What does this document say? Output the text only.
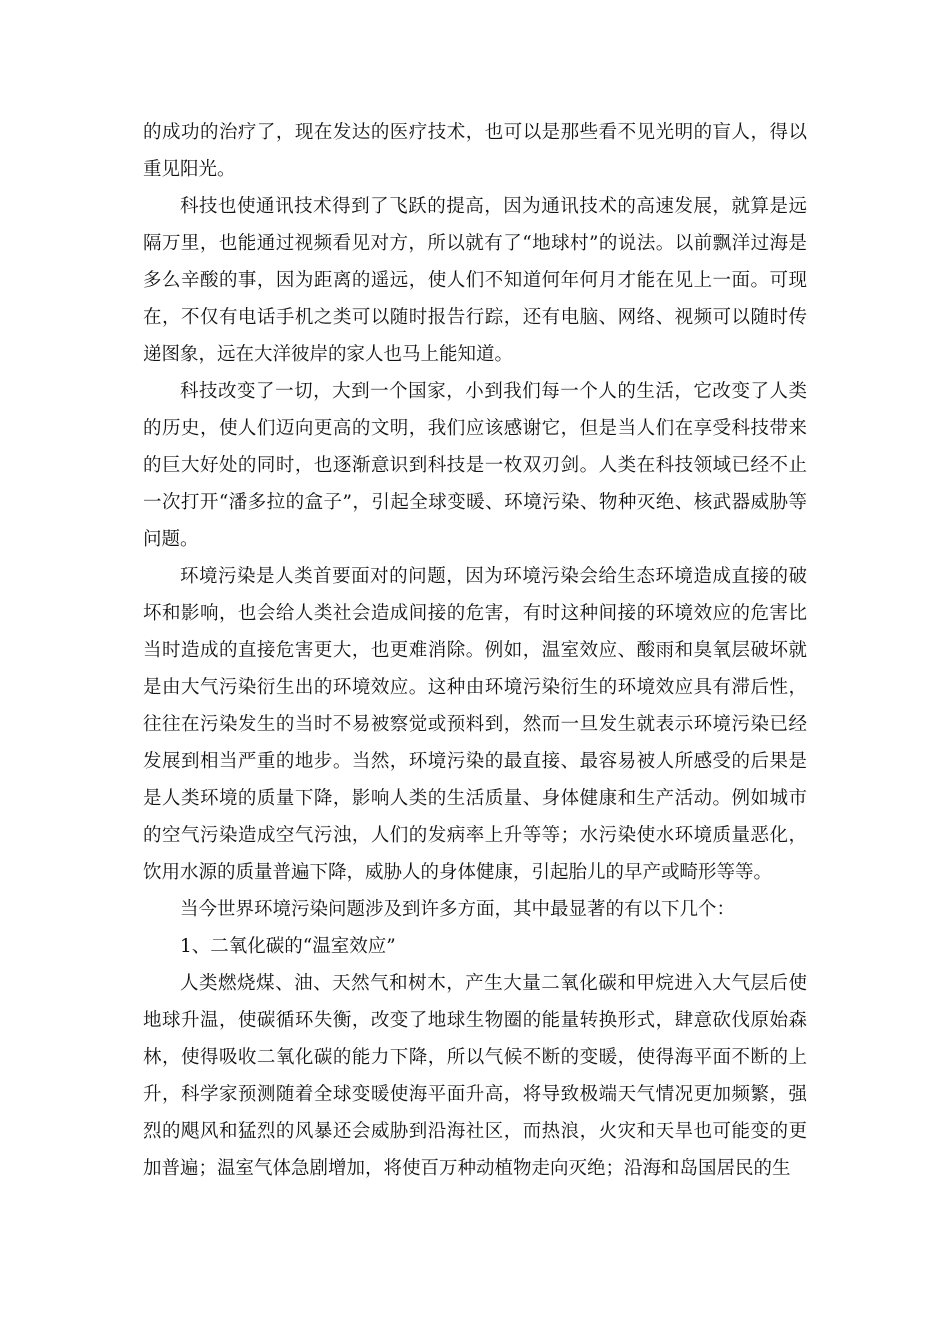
的成功的治疗了，现在发达的医疗技术，也可以是那些看不见光明的盲人，得以重见阳光。

科技也使通讯技术得到了飞跃的提高，因为通讯技术的高速发展，就算是远隔万里，也能通过视频看见对方，所以就有了“地球村”的说法。以前飘洋过海是多么辛酸的事，因为距离的遥远，使人们不知道何年何月才能在见上一面。可现在，不仅有电话手机之类可以随时报告行踪，还有电脑、网络、视频可以随时传递图象，远在大洋彼岸的家人也马上能知道。

科技改变了一切，大到一个国家，小到我们每一个人的生活，它改变了人类的历史，使人们迈向更高的文明，我们应该感谢它，但是当人们在享受科技带来的巨大好处的同时，也逐渐意识到科技是一枚双刃剑。人类在科技领域已经不止一次打开“潘多拉的盒子”，引起全球变暖、环境污染、物种灭绝、核武器威胁等问题。

环境污染是人类首要面对的问题，因为环境污染会给生态环境造成直接的破坏和影响，也会给人类社会造成间接的危害，有时这种间接的环境效应的危害比当时造成的直接危害更大，也更难消除。例如，温室效应、酸雨和臭氧层破坏就是由大气污染衍生出的环境效应。这种由环境污染衍生的环境效应具有滞后性，往往在污染发生的当时不易被察觉或预料到，然而一旦发生就表示环境污染已经发展到相当严重的地步。当然，环境污染的最直接、最容易被人所感受的后果是是人类环境的质量下降，影响人类的生活质量、身体健康和生产活动。例如城市的空气污染造成空气污浊，人们的发病率上升等等；水污染使水环境质量恶化，饮用水源的质量普遍下降，威胁人的身体健康，引起胎儿的早产或畸形等等。

当今世界环境污染问题涉及到许多方面，其中最显著的有以下几个：

1、二氧化碳的“温室效应”

人类燃烧煤、油、天然气和树木，产生大量二氧化碳和甲烷进入大气层后使地球升温，使碳循环失衡，改变了地球生物圈的能量转换形式，肆意砍伐原始森林，使得吸收二氧化碳的能力下降，所以气候不断的变暖，使得海平面不断的上升，科学家预测随着全球变暖使海平面升高，将导致极端天气情况更加频繁，强烈的飓风和猛烈的风暴还会威胁到沿海社区，而热浪，火灾和天旱也可能变的更加普遍；温室气体急剧增加，将使百万种动植物走向灭绝；沿海和岛国居民的生
